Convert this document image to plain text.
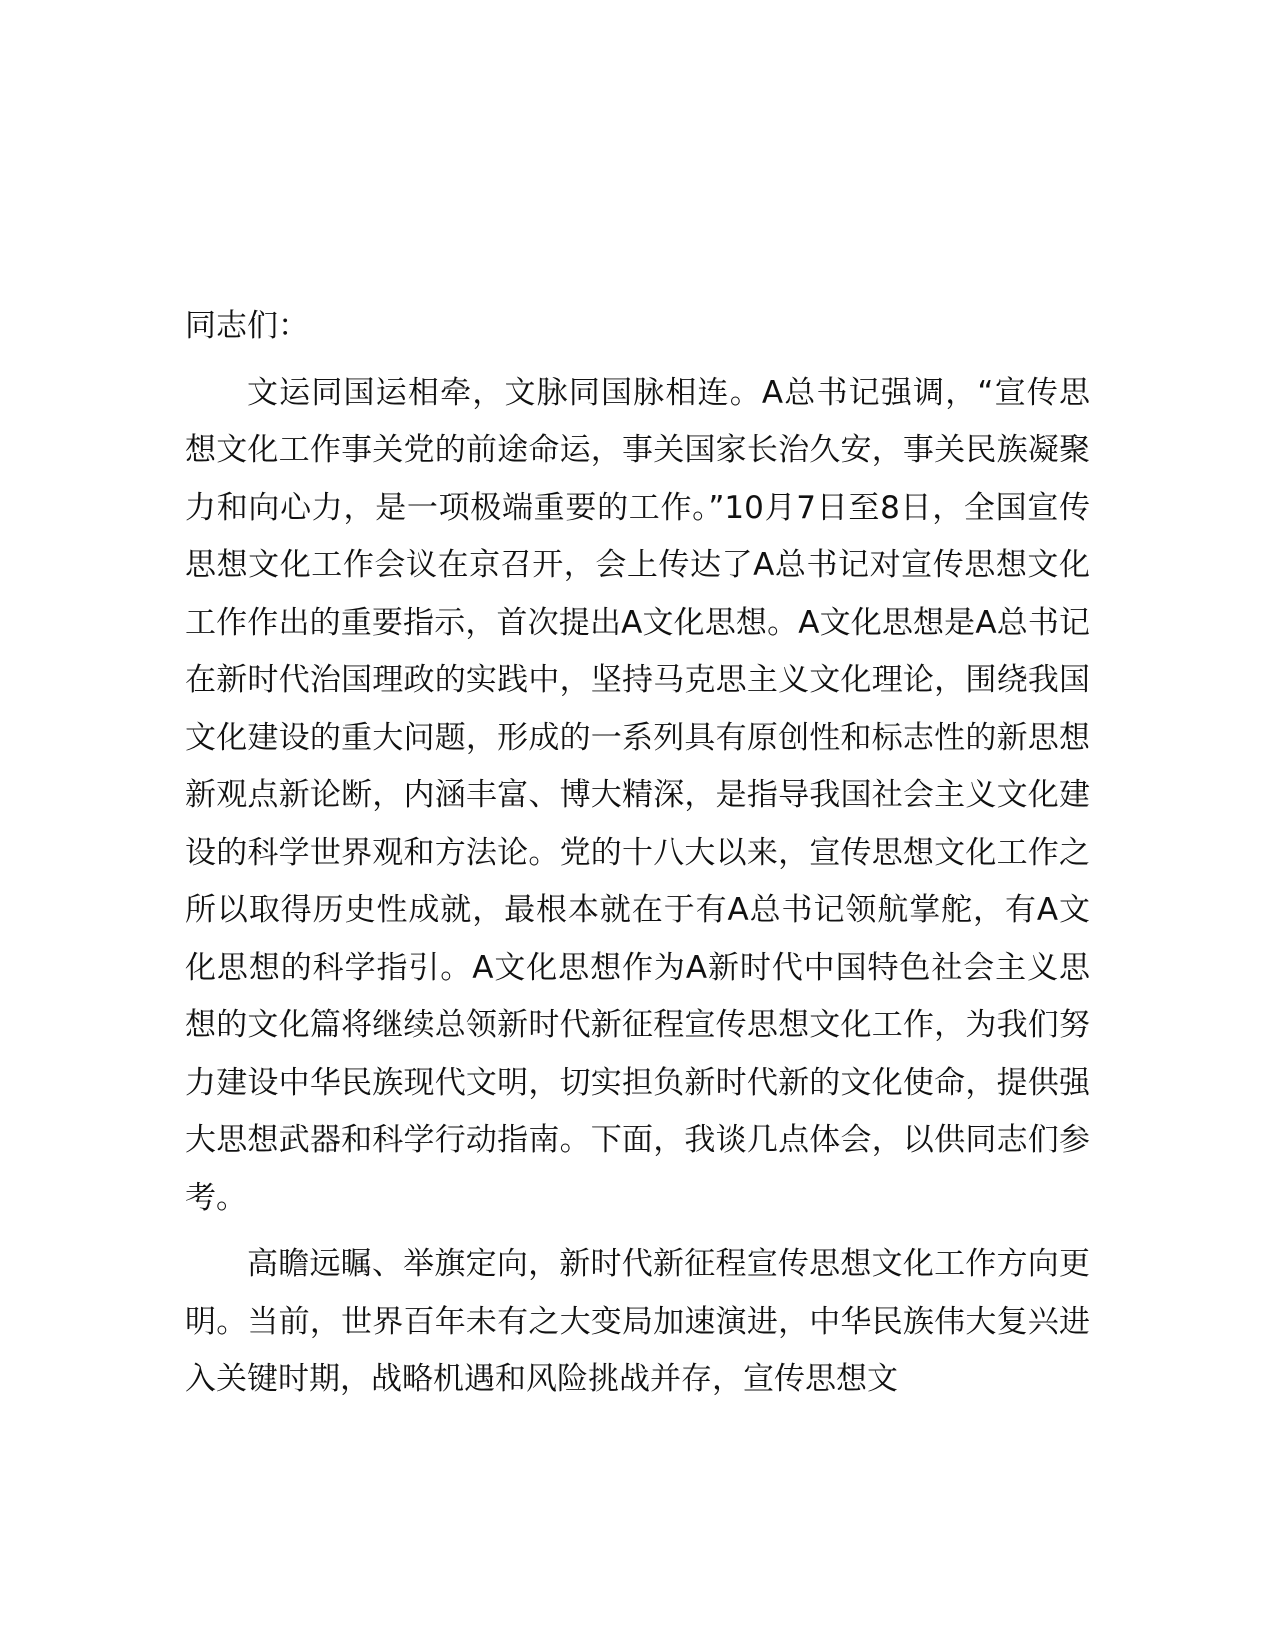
同志们：

文运同国运相牵，文脉同国脉相连。A总书记强调，“宣传思想文化工作事关党的前途命运，事关国家长治久安，事关民族凝聚力和向心力，是一项极端重要的工作。”10月7日至8日，全国宣传思想文化工作会议在京召开，会上传达了A总书记对宣传思想文化工作作出的重要指示，首次提出A文化思想。A文化思想是A总书记在新时代治国理政的实践中，坚持马克思主义文化理论，围绕我国文化建设的重大问题，形成的一系列具有原创性和标志性的新思想新观点新论断，内涵丰富、博大精深，是指导我国社会主义文化建设的科学世界观和方法论。党的十八大以来，宣传思想文化工作之所以取得历史性成就，最根本就在于有A总书记领航掌舵，有A文化思想的科学指引。A文化思想作为A新时代中国特色社会主义思想的文化篇将继续总领新时代新征程宣传思想文化工作，为我们努力建设中华民族现代文明，切实担负新时代新的文化使命，提供强大思想武器和科学行动指南。下面，我谈几点体会，以供同志们参考。

高瞻远瞩、举旗定向，新时代新征程宣传思想文化工作方向更明。当前，世界百年未有之大变局加速演进，中华民族伟大复兴进入关键时期，战略机遇和风险挑战并存，宣传思想文
